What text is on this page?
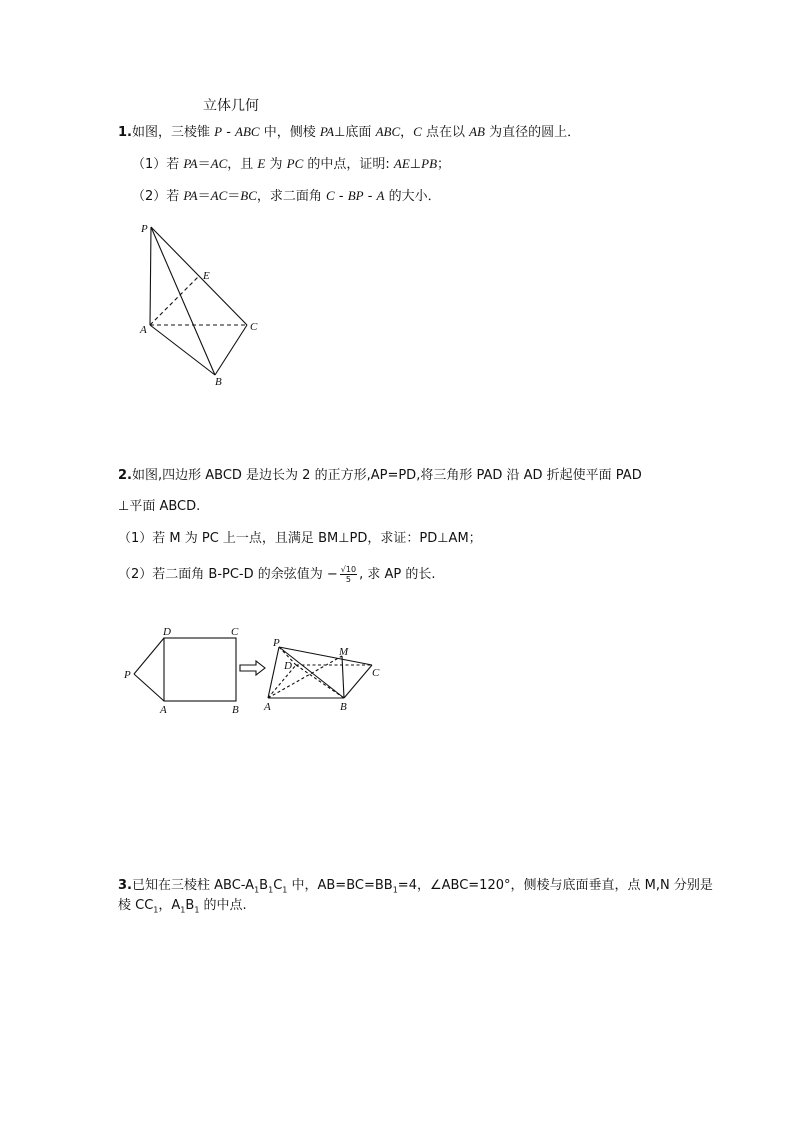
立体几何
1.如图，三棱锥 P - ABC 中，侧棱 PA⊥底面 ABC，C 点在以 AB 为直径的圆上．
（1）若 PA＝AC，且 E 为 PC 的中点，证明: AE⊥PB；
（2）若 PA＝AC＝BC，求二面角 C - BP - A 的大小．
P
E
A	C
B
2.如图,四边形 ABCD 是边长为 2 的正方形,AP=PD,将三角形 PAD 沿 AD 折起使平面 PAD
⊥平面 ABCD.
（1）若 M 为 PC 上一点，且满足 BM⊥PD，求证：PD⊥AM；
（2）若二面角 B-PC-D 的余弦值为 − $\frac{√10}{5}$ , 求 AP 的长.
D	C
P
A	B
P
M
D
C
A	B
3.已知在三棱柱 ABC-$A_1B_1C_1$ 中，$AB=BC=BB_1=4$，∠ABC=120°，侧棱与底面垂直，点 M,N 分别是
棱 $CC_1$，$A_1B_1$ 的中点.
